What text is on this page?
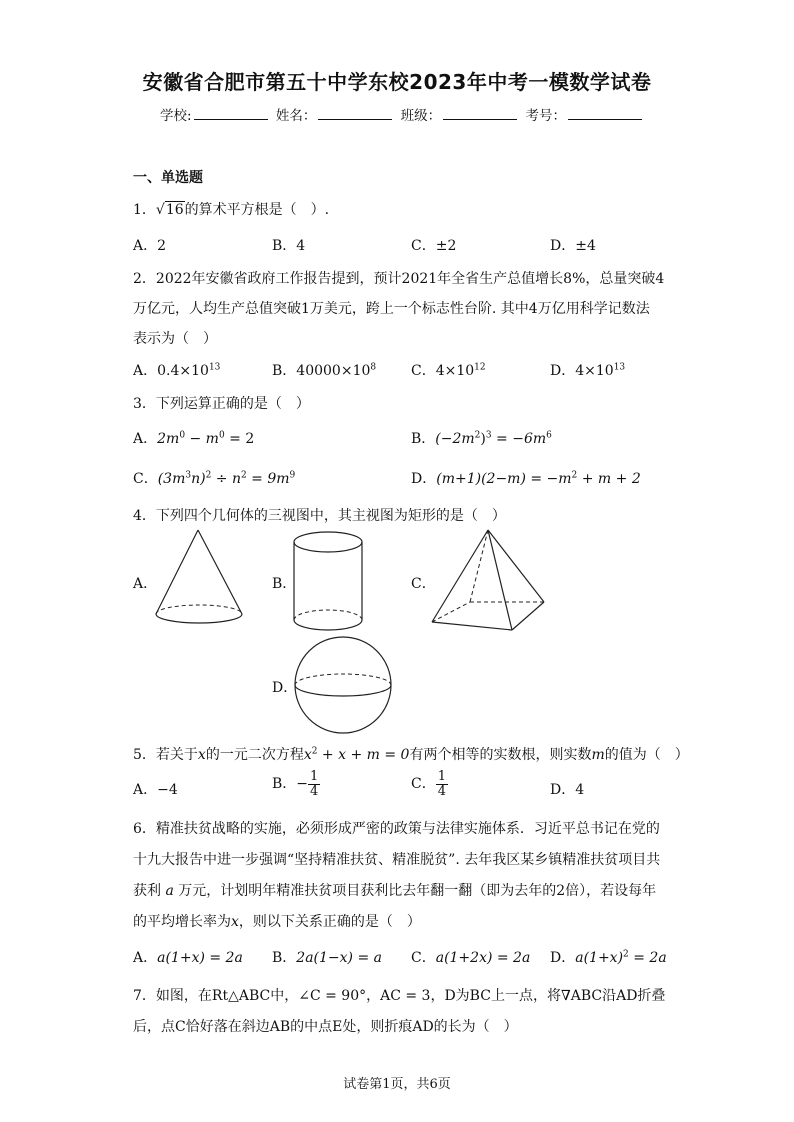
安徽省合肥市第五十中学东校2023年中考一模数学试卷
学校:	姓名：	班级：	考号：
一、单选题
1．√16的算术平方根是（　）.
A．2	B．4	C．±2	D．±4
2．2022年安徽省政府工作报告提到，预计2021年全省生产总值增长8%，总量突破4
万亿元，人均生产总值突破1万美元，跨上一个标志性台阶. 其中4万亿用科学记数法
表示为（　）
A．$0.4\times 10^{13}$	B．$40000\times 10^8$ C．$4\times 10^{12}$	D．$4\times 10^{13}$
3．下列运算正确的是（　）
A．$2m^0 - m^0 = 2$	B．$(-2m^2)^3 = -6m^6$
C．$(3m^3n)^2 \div n^2 = 9m^9$	D．$(m+1)(2-m) = -m^2 + m + 2$
4．下列四个几何体的三视图中，其主视图为矩形的是（　）
A．	B．	C．
D．
5．若关于x的一元二次方程$x^2 + x + m = 0$有两个相等的实数根，则实数m的值为（　）
A．−4	B．− $\frac{1}{4}$	C． $\frac{1}{4}$	D．4
6．精准扶贫战略的实施，必须形成严密的政策与法律实施体系．习近平总书记在党的
十九大报告中进一步强调“坚持精准扶贫、精准脱贫”. 去年我区某乡镇精准扶贫项目共
获利 a 万元，计划明年精准扶贫项目获利比去年翻一翻（即为去年的2倍），若设每年
的平均增长率为x，则以下关系正确的是（　）
A．a(1+x) = 2a B．2a(1−x) = a C．a(1+2x) = 2a D．$a(1+x)^2 = 2a$
7．如图，在Rt△ABC中，∠C = 90°，AC = 3，D为BC上一点，将∇ABC沿AD折叠
后，点C恰好落在斜边AB的中点E处，则折痕AD的长为（　）
试卷第1页，共6页
